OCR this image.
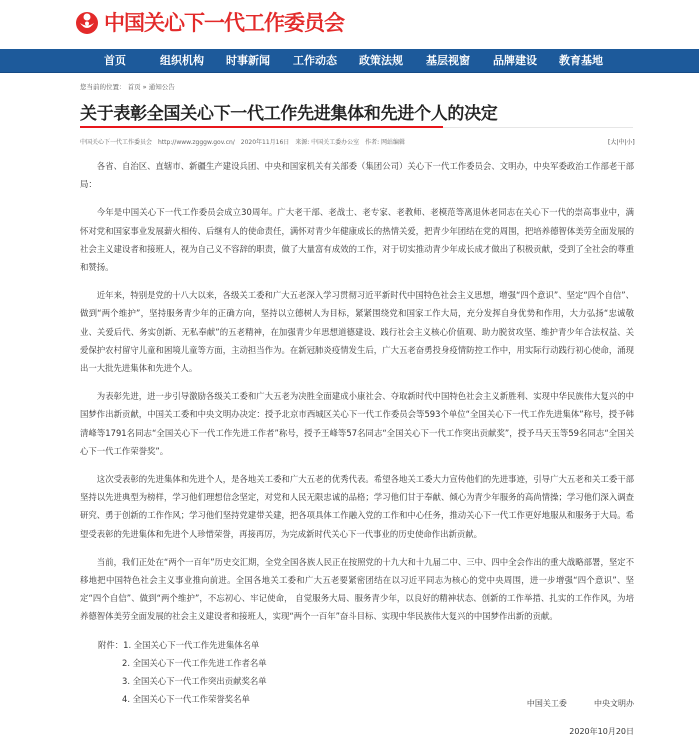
中国关心下一代工作委员会
首页	组织机构 时事新闻 工作动态 政策法规 基层视窗 品牌建设 教育基地
您当前的位置： 首页 » 通知公告
关于表彰全国关心下一代工作先进集体和先进个人的决定
中国关心下一代工作委员会 http://www.zgggw.gov.cn/ 2020年11月16日 来源: 中国关工委办公室 作者: 网站编辑	[大|中|小]

各省、自治区、直辖市、新疆生产建设兵团、中央和国家机关有关部委（集团公司）关心下一代工作委员会、文明办，中央军委政治工作部老干部局：

今年是中国关心下一代工作委员会成立30周年。广大老干部、老战士、老专家、老教师、老模范等离退休老同志在关心下一代的崇高事业中，满怀对党和国家事业发展薪火相传、后继有人的使命责任，满怀对青少年健康成长的热情关爱，把青少年团结在党的周围，把培养德智体美劳全面发展的社会主义建设者和接班人，视为自己义不容辞的职责，做了大量富有成效的工作，对于切实推动青少年成长成才做出了积极贡献，受到了全社会的尊重和赞扬。

近年来，特别是党的十八大以来，各级关工委和广大五老深入学习贯彻习近平新时代中国特色社会主义思想，增强“四个意识”、坚定“四个自信”、做到“两个维护”，坚持服务青少年的正确方向，坚持以立德树人为目标，紧紧围绕党和国家工作大局，充分发挥自身优势和作用，大力弘扬“忠诚敬业、关爱后代、务实创新、无私奉献”的五老精神，在加强青少年思想道德建设、践行社会主义核心价值观、助力脱贫攻坚、维护青少年合法权益、关爱保护农村留守儿童和困境儿童等方面，主动担当作为。在新冠肺炎疫情发生后，广大五老奋勇投身疫情防控工作中，用实际行动践行初心使命，涌现出一大批先进集体和先进个人。

为表彰先进，进一步引导激励各级关工委和广大五老为决胜全面建成小康社会、夺取新时代中国特色社会主义新胜利、实现中华民族伟大复兴的中国梦作出新贡献，中国关工委和中央文明办决定：授予北京市西城区关心下一代工作委员会等593个单位“全国关心下一代工作先进集体”称号，授予韩清峰等1791名同志“全国关心下一代工作先进工作者”称号，授予王峰等57名同志“全国关心下一代工作突出贡献奖”，授予马天玉等59名同志“全国关心下一代工作荣誉奖”。

这次受表彰的先进集体和先进个人，是各地关工委和广大五老的优秀代表。希望各地关工委大力宣传他们的先进事迹，引导广大五老和关工委干部坚持以先进典型为榜样，学习他们理想信念坚定，对党和人民无限忠诚的品格；学习他们甘于奉献、倾心为青少年服务的高尚情操；学习他们深入调查研究、勇于创新的工作作风；学习他们坚持党建带关建，把各项具体工作融入党的工作和中心任务，推动关心下一代工作更好地服从和服务于大局。希望受表彰的先进集体和先进个人珍惜荣誉，再接再厉，为完成新时代关心下一代事业的历史使命作出新贡献。

当前，我们正处在“两个一百年”历史交汇期，全党全国各族人民正在按照党的十九大和十九届二中、三中、四中全会作出的重大战略部署，坚定不移地把中国特色社会主义事业推向前进。全国各地关工委和广大五老要紧密团结在以习近平同志为核心的党中央周围，进一步增强“四个意识”、坚定“四个自信”、做到“两个维护”，不忘初心、牢记使命， 自觉服务大局、服务青少年，以良好的精神状态、创新的工作举措、扎实的工作作风，为培养德智体美劳全面发展的社会主义建设者和接班人，实现“两个一百年”奋斗目标、实现中华民族伟大复兴的中国梦作出新的贡献。

附件：1. 全国关心下一代工作先进集体名单
2. 全国关心下一代工作先进工作者名单
3. 全国关心下一代工作突出贡献奖名单
4. 全国关心下一代工作荣誉奖名单	中国关工委	中央文明办
2020年10月20日
